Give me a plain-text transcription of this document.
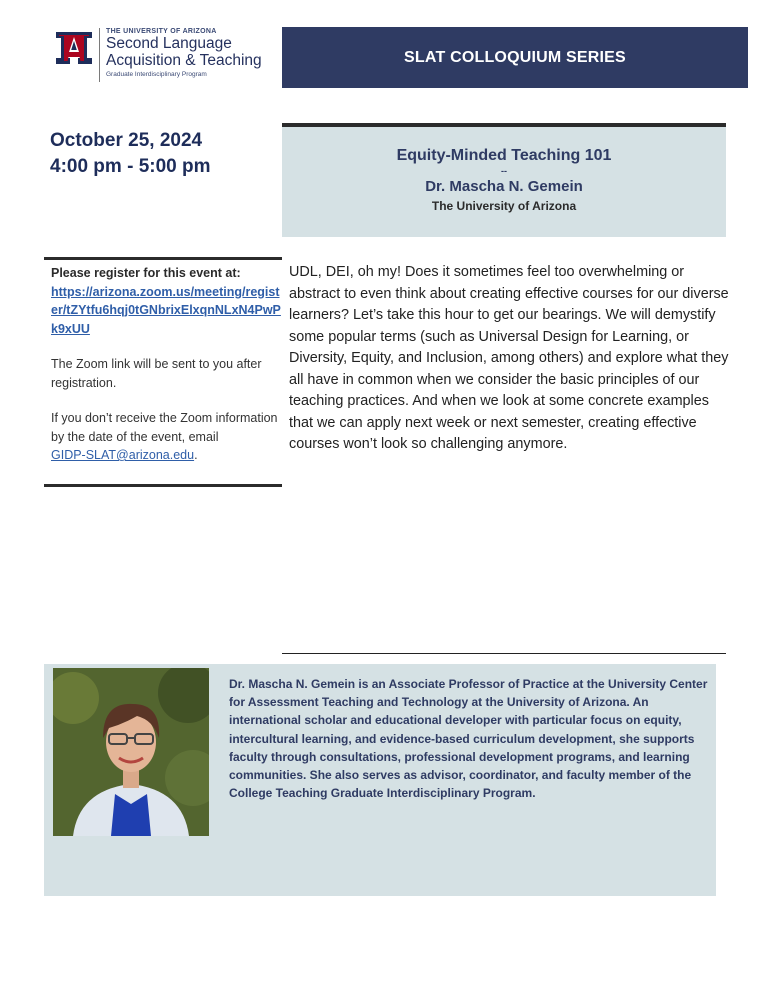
THE UNIVERSITY OF ARIZONA
Second Language
Acquisition & Teaching
Graduate Interdisciplinary Program
SLAT COLLOQUIUM SERIES
October 25, 2024
4:00 pm - 5:00 pm
Equity-Minded Teaching 101
--
Dr. Mascha N. Gemein
The University of Arizona

Please register for this event at:

https://arizona.zoom.us/meeting/register/tZYtfu6hqj0tGNbrixElxqnNLxN4PwPk9xUU

The Zoom link will be sent to you after registration.

If you don’t receive the Zoom information by the date of the event, email
GIDP-SLAT@arizona.edu.

UDL, DEI, oh my! Does it sometimes feel too overwhelming or abstract to even think about creating effective courses for our diverse learners? Let’s take this hour to get our bearings. We will demystify some popular terms (such as Universal Design for Learning, or Diversity, Equity, and Inclusion, among others) and explore what they all have in common when we consider the basic principles of our teaching practices. And when we look at some concrete examples that we can apply next week or next semester, creating effective courses won’t look so challenging anymore.
Dr. Mascha N. Gemein is an Associate Professor of Practice at the University Center for Assessment Teaching and Technology at the University of Arizona. An international scholar and educational developer with particular focus on equity, intercultural learning, and evidence-based curriculum development, she supports faculty through consultations, professional development programs, and learning communities. She also serves as advisor, coordinator, and faculty member of the College Teaching Graduate Interdisciplinary Program.
